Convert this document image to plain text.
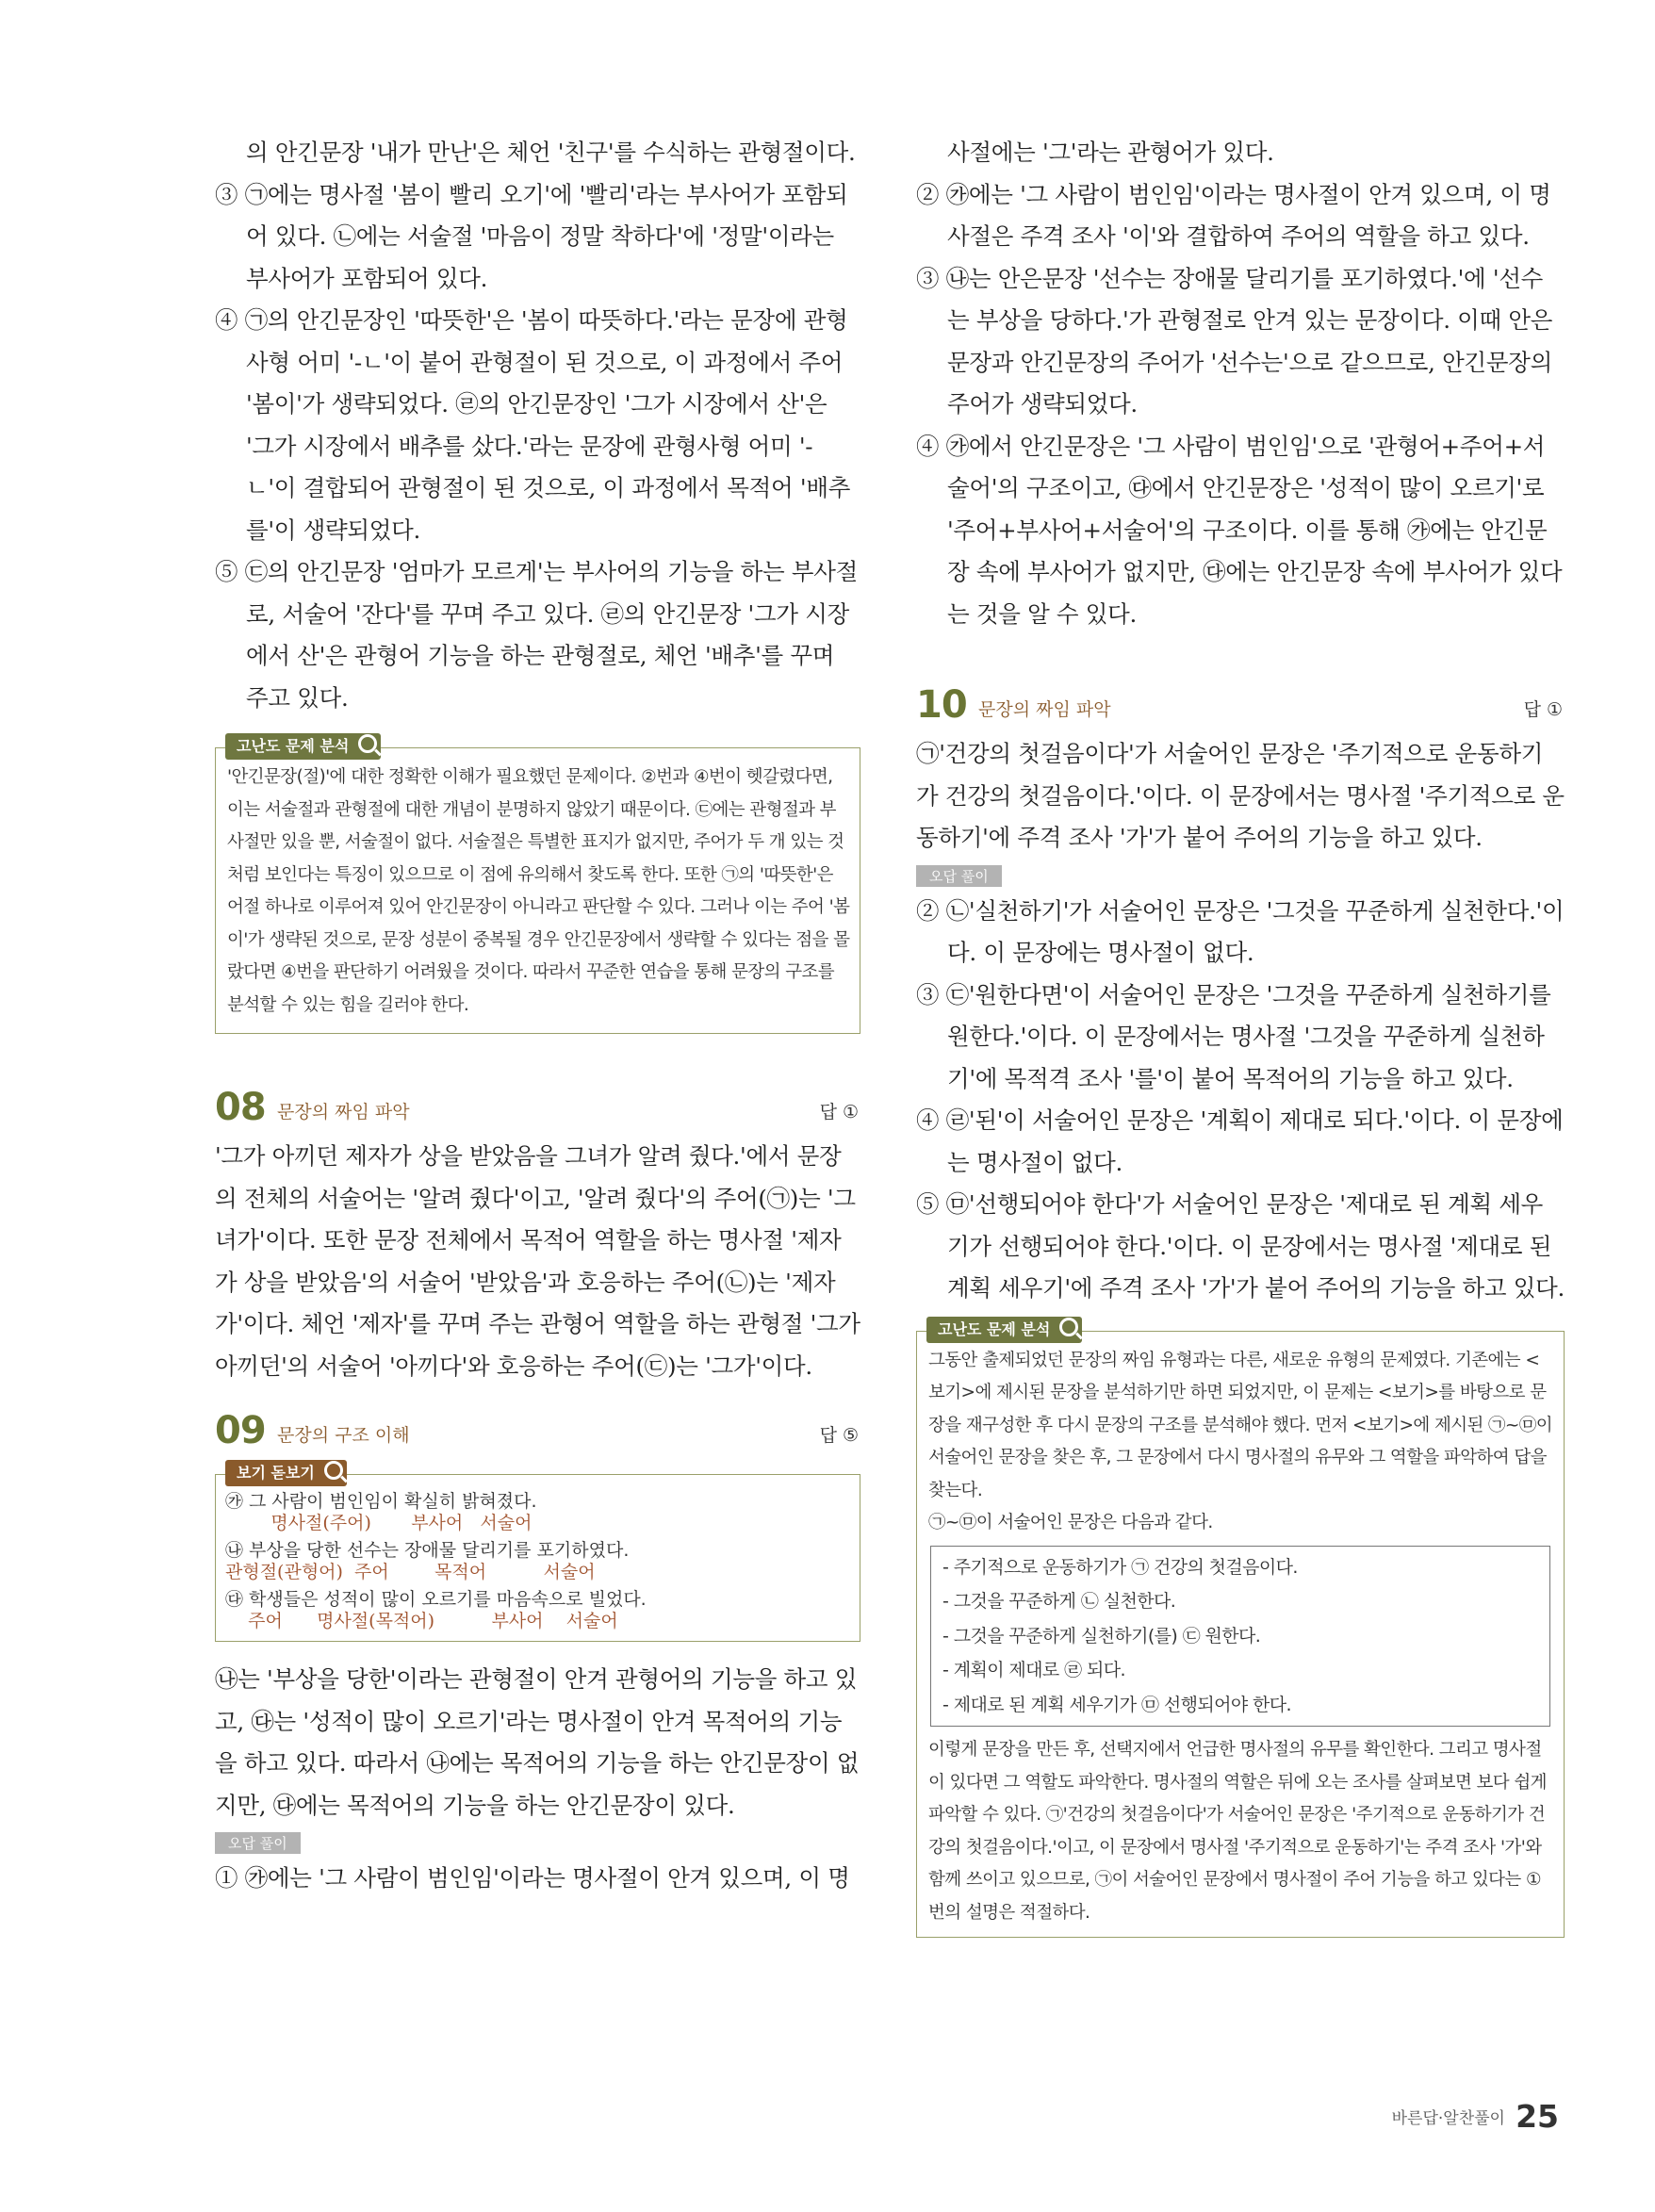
의 안긴문장 '내가 만난'은 체언 '친구'를 수식하는 관형절이다.

③ ㉠에는 명사절 '봄이 빨리 오기'에 '빨리'라는 부사어가 포함되어 있다. ㉡에는 서술절 '마음이 정말 착하다'에 '정말'이라는 부사어가 포함되어 있다.

④ ㉠의 안긴문장인 '따뜻한'은 '봄이 따뜻하다.'라는 문장에 관형사형 어미 '-ㄴ'이 붙어 관형절이 된 것으로, 이 과정에서 주어 '봄이'가 생략되었다. ㉣의 안긴문장인 '그가 시장에서 산'은 '그가 시장에서 배추를 샀다.'라는 문장에 관형사형 어미 '-ㄴ'이 결합되어 관형절이 된 것으로, 이 과정에서 목적어 '배추를'이 생략되었다.

⑤ ㉢의 안긴문장 '엄마가 모르게'는 부사어의 기능을 하는 부사절로, 서술어 '잔다'를 꾸며 주고 있다. ㉣의 안긴문장 '그가 시장에서 산'은 관형어 기능을 하는 관형절로, 체언 '배추'를 꾸며 주고 있다.

고난도 문제 분석

'안긴문장(절)'에 대한 정확한 이해가 필요했던 문제이다. ②번과 ④번이 헷갈렸다면, 이는 서술절과 관형절에 대한 개념이 분명하지 않았기 때문이다. ㉢에는 관형절과 부사절만 있을 뿐, 서술절이 없다. 서술절은 특별한 표지가 없지만, 주어가 두 개 있는 것처럼 보인다는 특징이 있으므로 이 점에 유의해서 찾도록 한다. 또한 ㉠의 '따뜻한'은 어절 하나로 이루어져 있어 안긴문장이 아니라고 판단할 수 있다. 그러나 이는 주어 '봄이'가 생략된 것으로, 문장 성분이 중복될 경우 안긴문장에서 생략할 수 있다는 점을 몰랐다면 ④번을 판단하기 어려웠을 것이다. 따라서 꾸준한 연습을 통해 문장의 구조를 분석할 수 있는 힘을 길러야 한다.

08 문장의 짜임 파악	답 ①

'그가 아끼던 제자가 상을 받았음을 그녀가 알려 줬다.'에서 문장의 전체의 서술어는 '알려 줬다'이고, '알려 줬다'의 주어(㉠)는 '그녀가'이다. 또한 문장 전체에서 목적어 역할을 하는 명사절 '제자가 상을 받았음'의 서술어 '받았음'과 호응하는 주어(㉡)는 '제자가'이다. 체언 '제자'를 꾸며 주는 관형어 역할을 하는 관형절 '그가 아끼던'의 서술어 '아끼다'와 호응하는 주어(㉢)는 '그가'이다.

09 문장의 구조 이해	답 ⑤
보기 돋보기

㉮ 그 사람이 범인임이 확실히 밝혀졌다.

명사절(주어)       부사어   서술어

㉯ 부상을 당한 선수는 장애물 달리기를 포기하였다.

관형절(관형어)  주어        목적어          서술어

㉰ 학생들은 성적이 많이 오르기를 마음속으로 빌었다.

주어      명사절(목적어)          부사어    서술어

㉯는 '부상을 당한'이라는 관형절이 안겨 관형어의 기능을 하고 있고, ㉰는 '성적이 많이 오르기'라는 명사절이 안겨 목적어의 기능을 하고 있다. 따라서 ㉯에는 목적어의 기능을 하는 안긴문장이 없지만, ㉰에는 목적어의 기능을 하는 안긴문장이 있다.

오답 풀이

① ㉮에는 '그 사람이 범인임'이라는 명사절이 안겨 있으며, 이 명

사절에는 '그'라는 관형어가 있다.

② ㉮에는 '그 사람이 범인임'이라는 명사절이 안겨 있으며, 이 명사절은 주격 조사 '이'와 결합하여 주어의 역할을 하고 있다.

③ ㉯는 안은문장 '선수는 장애물 달리기를 포기하였다.'에 '선수는 부상을 당하다.'가 관형절로 안겨 있는 문장이다. 이때 안은문장과 안긴문장의 주어가 '선수는'으로 같으므로, 안긴문장의 주어가 생략되었다.

④ ㉮에서 안긴문장은 '그 사람이 범인임'으로 '관형어+주어+서술어'의 구조이고, ㉰에서 안긴문장은 '성적이 많이 오르기'로 '주어+부사어+서술어'의 구조이다. 이를 통해 ㉮에는 안긴문장 속에 부사어가 없지만, ㉰에는 안긴문장 속에 부사어가 있다는 것을 알 수 있다.

10 문장의 짜임 파악	답 ①

㉠'건강의 첫걸음이다'가 서술어인 문장은 '주기적으로 운동하기가 건강의 첫걸음이다.'이다. 이 문장에서는 명사절 '주기적으로 운동하기'에 주격 조사 '가'가 붙어 주어의 기능을 하고 있다.

오답 풀이

② ㉡'실천하기'가 서술어인 문장은 '그것을 꾸준하게 실천한다.'이다. 이 문장에는 명사절이 없다.

③ ㉢'원한다면'이 서술어인 문장은 '그것을 꾸준하게 실천하기를 원한다.'이다. 이 문장에서는 명사절 '그것을 꾸준하게 실천하기'에 목적격 조사 '를'이 붙어 목적어의 기능을 하고 있다.

④ ㉣'된'이 서술어인 문장은 '계획이 제대로 되다.'이다. 이 문장에는 명사절이 없다.

⑤ ㉤'선행되어야 한다'가 서술어인 문장은 '제대로 된 계획 세우기가 선행되어야 한다.'이다. 이 문장에서는 명사절 '제대로 된 계획 세우기'에 주격 조사 '가'가 붙어 주어의 기능을 하고 있다.

고난도 문제 분석

그동안 출제되었던 문장의 짜임 유형과는 다른, 새로운 유형의 문제였다. 기존에는 <보기>에 제시된 문장을 분석하기만 하면 되었지만, 이 문제는 <보기>를 바탕으로 문장을 재구성한 후 다시 문장의 구조를 분석해야 했다. 먼저 <보기>에 제시된 ㉠~㉤이 서술어인 문장을 찾은 후, 그 문장에서 다시 명사절의 유무와 그 역할을 파악하여 답을 찾는다.

㉠~㉤이 서술어인 문장은 다음과 같다.

- 주기적으로 운동하기가 ㉠ 건강의 첫걸음이다.

- 그것을 꾸준하게 ㉡ 실천한다.

- 그것을 꾸준하게 실천하기(를) ㉢ 원한다.

- 계획이 제대로 ㉣ 되다.

- 제대로 된 계획 세우기가 ㉤ 선행되어야 한다.

이렇게 문장을 만든 후, 선택지에서 언급한 명사절의 유무를 확인한다. 그리고 명사절이 있다면 그 역할도 파악한다. 명사절의 역할은 뒤에 오는 조사를 살펴보면 보다 쉽게 파악할 수 있다. ㉠'건강의 첫걸음이다'가 서술어인 문장은 '주기적으로 운동하기가 건강의 첫걸음이다.'이고, 이 문장에서 명사절 '주기적으로 운동하기'는 주격 조사 '가'와 함께 쓰이고 있으므로, ㉠이 서술어인 문장에서 명사절이 주어 기능을 하고 있다는 ①번의 설명은 적절하다.

바른답·알찬풀이 25
